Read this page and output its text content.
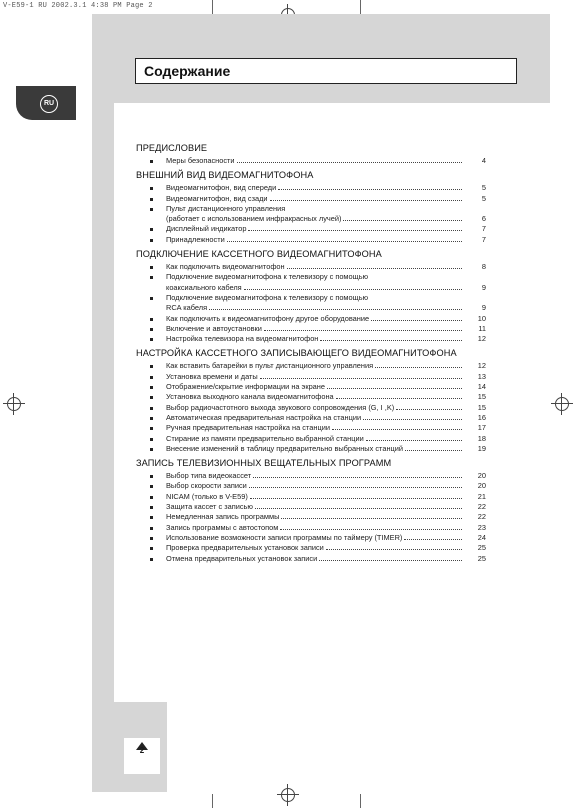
V-E59-1 RU 2002.3.1 4:38 PM Page 2
Содержание
RU
2
ПРЕДИСЛОВИЕ
Меры безопасности	4
ВНЕШНИЙ ВИД ВИДЕОМАГНИТОФОНА
Видеомагнитофон, вид спереди	5
Видеомагнитофон, вид сзади	5
Пульт дистанционного управления
(работает с использованием инфракрасных лучей)	6
Дисплейный индикатор	7
Принадлежности	7
ПОДКЛЮЧЕНИЕ КАССЕТНОГО ВИДЕОМАГНИТОФОНА
Как подключить видеомагнитофон	8
Подключение видеомагнитофона к телевизору с помощью
коаксиального кабеля	9
Подключение видеомагнитофона к телевизору с помощью
RCA кабеля	9
Как подключить к видеомагнитофону другое оборудование	10
Включение и автоустановки	11
Настройка телевизора на видеомагнитофон	12
НАСТРОЙКА КАССЕТНОГО ЗАПИСЫВАЮЩЕГО ВИДЕОМАГНИТОФОНА
Как вставить батарейки в пульт дистанционного управления	12
Установка времени и даты	13
Отображение/скрытие информации на экране	14
Установка выходного канала видеомагнитофона	15
Выбор радиочастотного выхода звукового сопровождения (G, I ,K)	15
Автоматическая предварительная настройка на станции	16
Ручная предварительная настройка на станции	17
Стирание из памяти предварительно выбранной станции	18
Внесение изменений в таблицу предварительно выбранных станций	19
ЗАПИСЬ ТЕЛЕВИЗИОННЫХ ВЕЩАТЕЛЬНЫХ ПРОГРАММ
Выбор типа видеокассет	20
Выбор скорости записи	20
NICAM (только в V-E59)	21
Защита кассет с записью	22
Немедленная запись программы	22
Запись программы с автостопом	23
Использование возможности записи программы по таймеру (TIMER)	24
Проверка предварительных установок записи	25
Отмена предварительных установок записи	25
